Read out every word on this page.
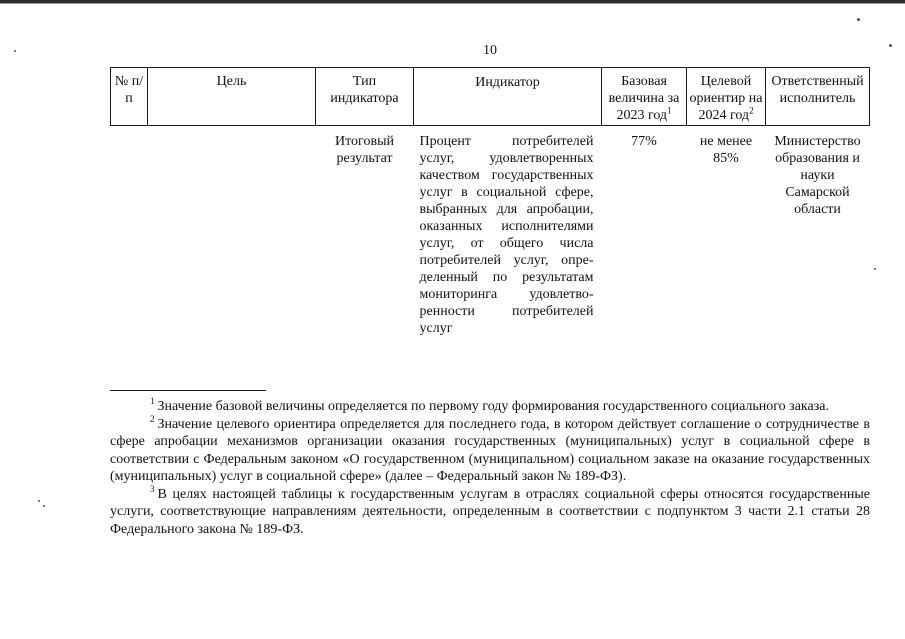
10
№ п/п	Цель	Тип индикатора	Индикатор	Базовая величина за 2023 год$^1$	Целевой ориентир на 2024 год$^2$	Ответственный исполнитель
		Итоговый результат	Процент потребителей услуг, удовлетворенных качеством государственных услуг в социальной сфере, выбранных для апробации, оказанных исполнителями услуг, от общего числа потребителей услуг, определенный по результатам мониторинга удовлетворенности потребителей услуг	77%	не менее 85%	Министерство образования и науки Самарской области

$^1$ Значение базовой величины определяется по первому году формирования государственного социального заказа.

$^2$ Значение целевого ориентира определяется для последнего года, в котором действует соглашение о сотрудничестве в сфере апробации механизмов организации оказания государственных (муниципальных) услуг в социальной сфере в соответствии с Федеральным законом «О государственном (муниципальном) социальном заказе на оказание государственных (муниципальных) услуг в социальной сфере» (далее – Федеральный закон № 189-ФЗ).

$^3$ В целях настоящей таблицы к государственным услугам в отраслях социальной сферы относятся государственные услуги, соответствующие направлениям деятельности, определенным в соответствии с подпунктом 3 части 2.1 статьи 28 Федерального закона № 189-ФЗ.
